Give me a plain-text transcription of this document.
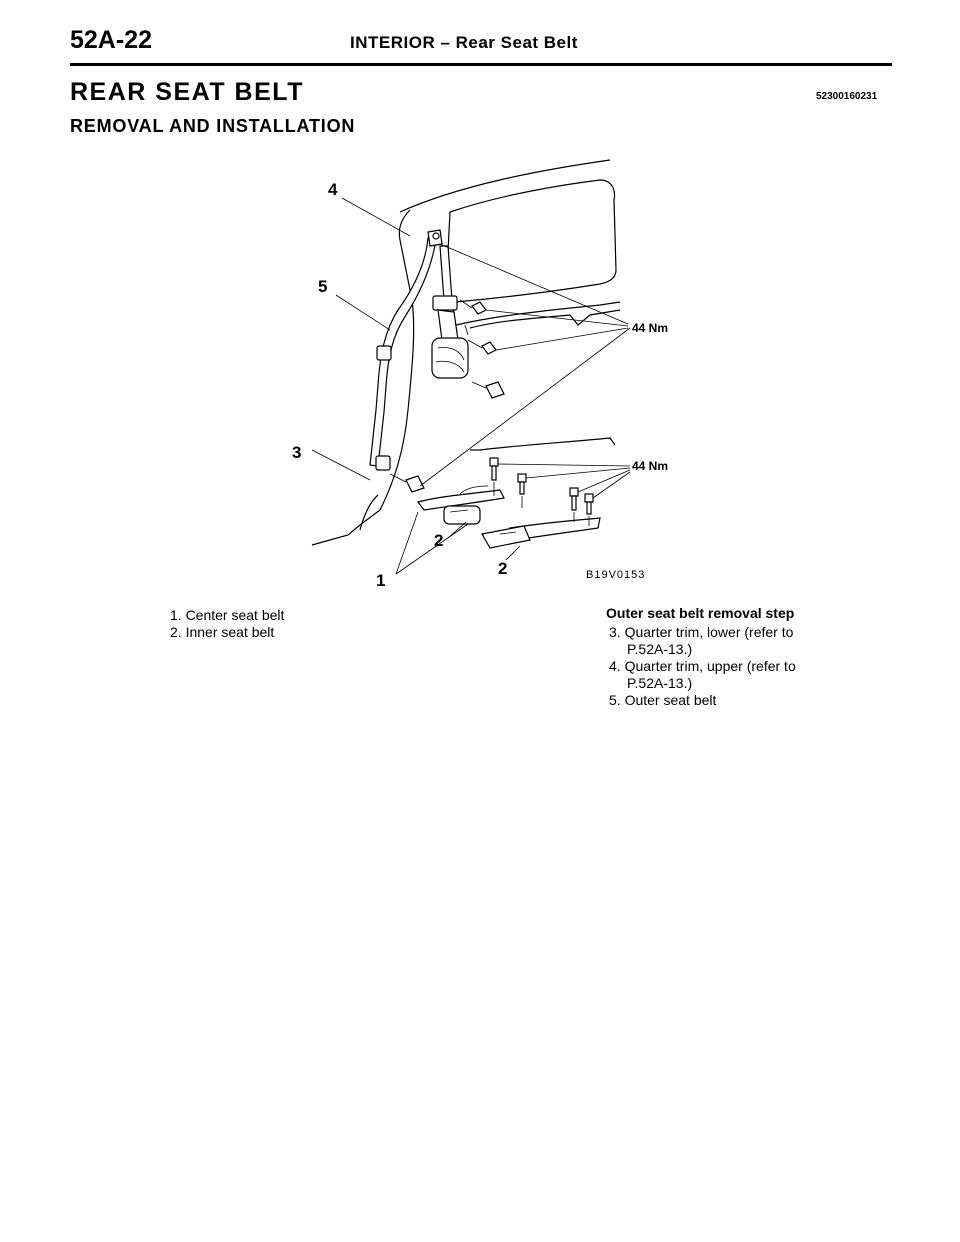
52A-22	INTERIOR – Rear Seat Belt
REAR SEAT BELT	52300160231
REMOVAL AND INSTALLATION
4
5
3
2
2
1
44 Nm
44 Nm
B19V0153
1. Center seat belt
2. Inner seat belt
Outer seat belt removal step
3. Quarter trim, lower (refer to P.52A-13.)
4. Quarter trim, upper (refer to P.52A-13.)
5. Outer seat belt
